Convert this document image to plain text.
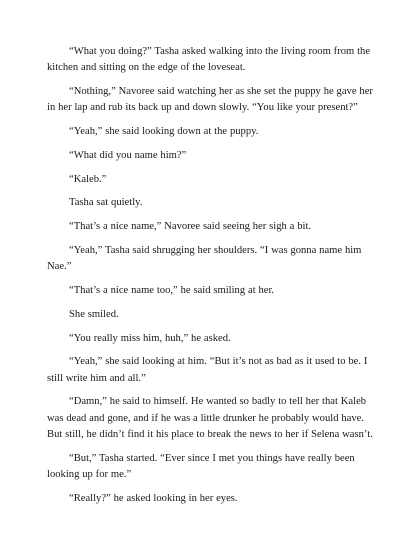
“What you doing?” Tasha asked walking into the living room from the kitchen and sitting on the edge of the loveseat.

“Nothing,” Navoree said watching her as she set the puppy he gave her in her lap and rub its back up and down slowly. “You like your present?”

“Yeah,” she said looking down at the puppy.

“What did you name him?”

“Kaleb.”

Tasha sat quietly.

“That’s a nice name,” Navoree said seeing her sigh a bit.

“Yeah,” Tasha said shrugging her shoulders. “I was gonna name him Nae.”

“That’s a nice name too,” he said smiling at her.

She smiled.

“You really miss him, huh,” he asked.

“Yeah,” she said looking at him. “But it’s not as bad as it used to be. I still write him and all.”

“Damn,” he said to himself. He wanted so badly to tell her that Kaleb was dead and gone, and if he was a little drunker he probably would have. But still, he didn’t find it his place to break the news to her if Selena wasn’t.

“But,” Tasha started. “Ever since I met you things have really been looking up for me.”

“Really?” he asked looking in her eyes.
